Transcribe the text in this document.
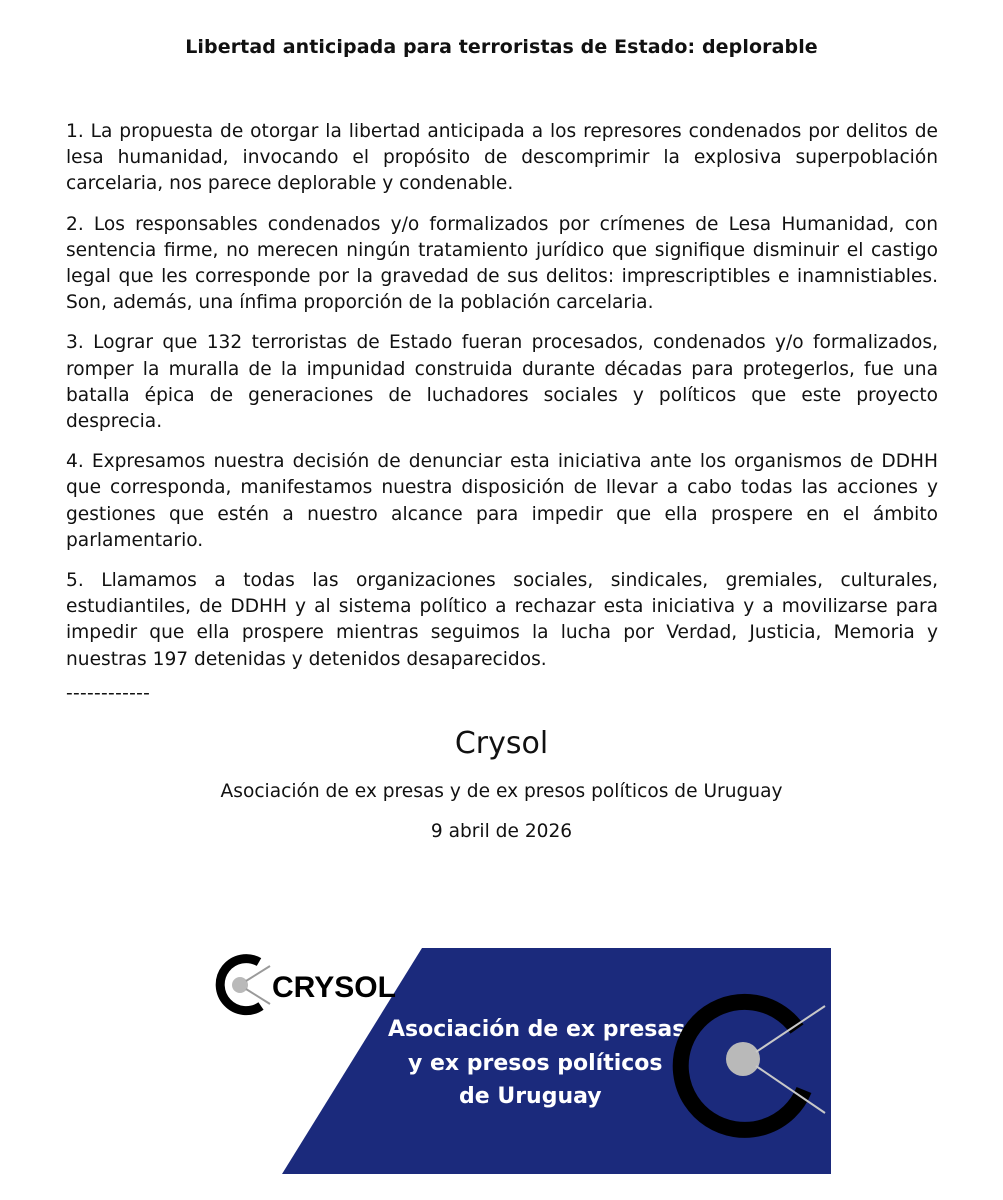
Libertad anticipada para terroristas de Estado: deplorable

1. La propuesta de otorgar la libertad anticipada a los represores condenados por delitos de lesa humanidad, invocando el propósito de descomprimir la explosiva superpoblación carcelaria, nos parece deplorable y condenable.

2. Los responsables condenados y/o formalizados por crímenes de Lesa Humanidad, con sentencia firme, no merecen ningún tratamiento jurídico que signifique disminuir el castigo legal que les corresponde por la gravedad de sus delitos: imprescriptibles e inamnistiables. Son, además, una ínfima proporción de la población carcelaria.

3. Lograr que 132 terroristas de Estado fueran procesados, condenados y/o formalizados, romper la muralla de la impunidad construida durante décadas para protegerlos, fue una batalla épica de generaciones de luchadores sociales y políticos que este proyecto desprecia.

4. Expresamos nuestra decisión de denunciar esta iniciativa ante los organismos de DDHH que corresponda, manifestamos nuestra disposición de llevar a cabo todas las acciones y gestiones que estén a nuestro alcance para impedir que ella prospere en el ámbito parlamentario.

5. Llamamos a todas las organizaciones sociales, sindicales, gremiales, culturales, estudiantiles, de DDHH y al sistema político a rechazar esta iniciativa y a movilizarse para impedir que ella prospere mientras seguimos la lucha por Verdad, Justicia, Memoria y nuestras 197 detenidas y detenidos desaparecidos.

------------
Crysol
Asociación de ex presas y de ex presos políticos de Uruguay
9 abril de 2026
CRYSOL
Asociación de ex presas
y ex presos políticos
de Uruguay
